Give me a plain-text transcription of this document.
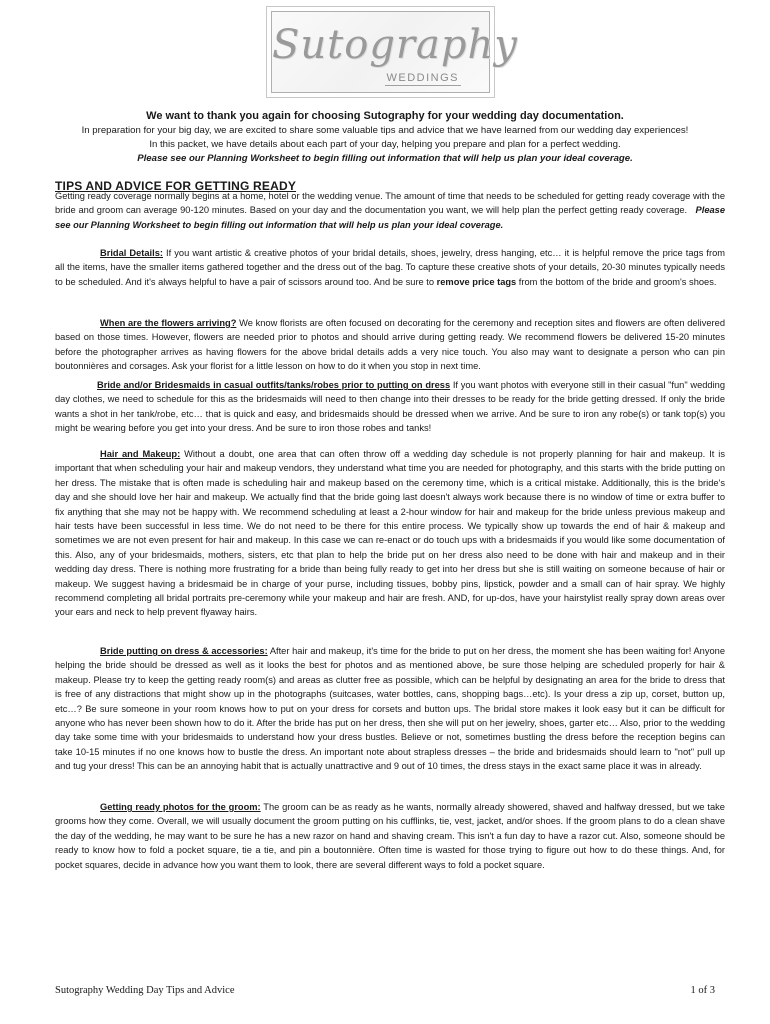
Sutography
WEDDINGS
We want to thank you again for choosing Sutography for your wedding day documentation.
In preparation for your big day, we are excited to share some valuable tips and advice that we have learned from our wedding day experiences!
In this packet, we have details about each part of your day, helping you prepare and plan for a perfect wedding.
Please see our Planning Worksheet to begin filling out information that will help us plan your ideal coverage.
TIPS AND ADVICE FOR GETTING READY
Getting ready coverage normally begins at a home, hotel or the wedding venue. The amount of time that needs to be scheduled for getting ready coverage with the bride and groom can average 90-120 minutes. Based on your day and the documentation you want, we will help plan the perfect getting ready coverage. Please see our Planning Worksheet to begin filling out information that will help us plan your ideal coverage.
Bridal Details: If you want artistic & creative photos of your bridal details, shoes, jewelry, dress hanging, etc… it is helpful remove the price tags from all the items, have the smaller items gathered together and the dress out of the bag. To capture these creative shots of your details, 20-30 minutes typically needs to be scheduled. And it's always helpful to have a pair of scissors around too. And be sure to remove price tags from the bottom of the bride and groom's shoes.
When are the flowers arriving? We know florists are often focused on decorating for the ceremony and reception sites and flowers are often delivered based on those times. However, flowers are needed prior to photos and should arrive during getting ready. We recommend flowers be delivered 15-20 minutes before the photographer arrives as having flowers for the above bridal details adds a very nice touch. You also may want to designate a person who can pin boutonnières and corsages. Ask your florist for a little lesson on how to do it when you stop in next time.
Bride and/or Bridesmaids in casual outfits/tanks/robes prior to putting on dress If you want photos with everyone still in their casual "fun" wedding day clothes, we need to schedule for this as the bridesmaids will need to then change into their dresses to be ready for the bride getting dressed. If only the bride wants a shot in her tank/robe, etc… that is quick and easy, and bridesmaids should be dressed when we arrive. And be sure to iron any robe(s) or tank top(s) you might be wearing before you get into your dress. And be sure to iron those robes and tanks!
Hair and Makeup: Without a doubt, one area that can often throw off a wedding day schedule is not properly planning for hair and makeup. It is important that when scheduling your hair and makeup vendors, they understand what time you are needed for photography, and this starts with the bride putting on her dress. The mistake that is often made is scheduling hair and makeup based on the ceremony time, which is a critical mistake. Additionally, this is the bride's day and she should love her hair and makeup. We actually find that the bride going last doesn't always work because there is no window of time or extra buffer to fix anything that she may not be happy with. We recommend scheduling at least a 2-hour window for hair and makeup for the bride unless previous makeup and hair tests have been successful in less time. We do not need to be there for this entire process. We typically show up towards the end of hair & makeup and sometimes we are not even present for hair and makeup. In this case we can re-enact or do touch ups with a bridesmaids if you would like some documentation of this. Also, any of your bridesmaids, mothers, sisters, etc that plan to help the bride put on her dress also need to be done with hair and makeup and in their wedding day dress. There is nothing more frustrating for a bride than being fully ready to get into her dress but she is still waiting on someone because of hair or makeup. We suggest having a bridesmaid be in charge of your purse, including tissues, bobby pins, lipstick, powder and a small can of hair spray. We highly recommend completing all bridal portraits pre-ceremony while your makeup and hair are fresh. AND, for up-dos, have your hairstylist really spray down areas over your ears and neck to help prevent flyaway hairs.
Bride putting on dress & accessories: After hair and makeup, it's time for the bride to put on her dress, the moment she has been waiting for! Anyone helping the bride should be dressed as well as it looks the best for photos and as mentioned above, be sure those helping are scheduled properly for hair & makeup. Please try to keep the getting ready room(s) and areas as clutter free as possible, which can be helpful by designating an area for the bride to dress that is free of any distractions that might show up in the photographs (suitcases, water bottles, cans, shopping bags…etc). Is your dress a zip up, corset, button up, etc…? Be sure someone in your room knows how to put on your dress for corsets and button ups. The bridal store makes it look easy but it can be difficult for anyone who has never been shown how to do it. After the bride has put on her dress, then she will put on her jewelry, shoes, garter etc… Also, prior to the wedding day take some time with your bridesmaids to understand how your dress bustles. Believe or not, sometimes bustling the dress before the reception begins can take 10-15 minutes if no one knows how to bustle the dress. An important note about strapless dresses – the bride and bridesmaids should learn to "not" pull up and tug your dress! This can be an annoying habit that is actually unattractive and 9 out of 10 times, the dress stays in the exact same place it was in already.
Getting ready photos for the groom: The groom can be as ready as he wants, normally already showered, shaved and halfway dressed, but we take grooms how they come. Overall, we will usually document the groom putting on his cufflinks, tie, vest, jacket, and/or shoes. If the groom plans to do a clean shave the day of the wedding, he may want to be sure he has a new razor on hand and shaving cream. This isn't a fun day to have a razor cut. Also, someone should be ready to know how to fold a pocket square, tie a tie, and pin a boutonnière. Often time is wasted for those trying to figure out how to do these things. And, for pocket squares, decide in advance how you want them to look, there are several different ways to fold a pocket square.
Sutography Wedding Day Tips and Advice	1 of 3
